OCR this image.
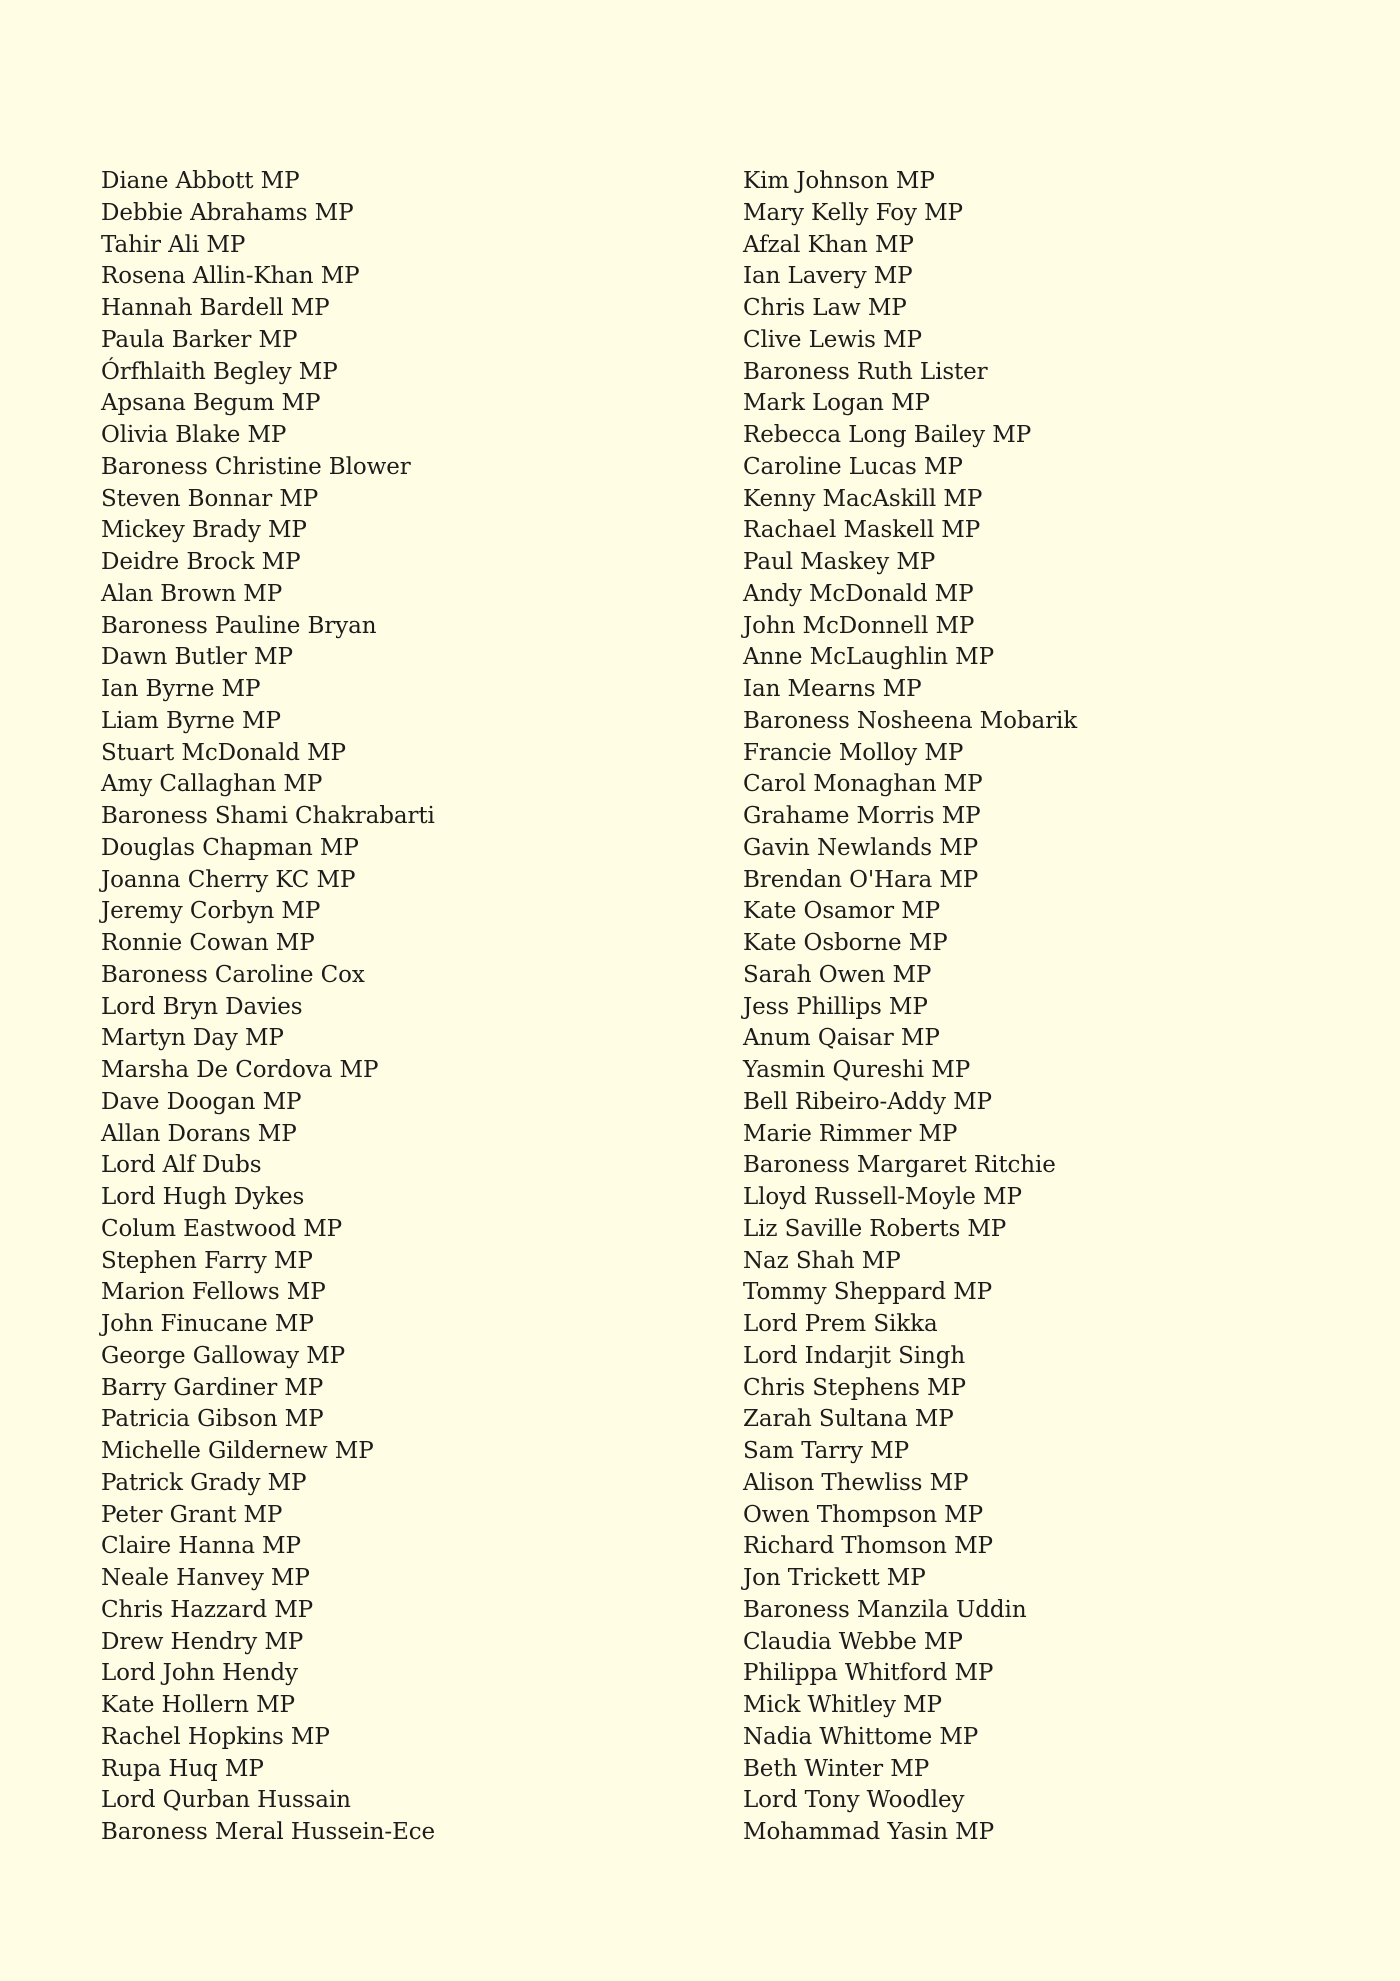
Diane Abbott MP
Debbie Abrahams MP
Tahir Ali MP
Rosena Allin-Khan MP
Hannah Bardell MP
Paula Barker MP
Órfhlaith Begley MP
Apsana Begum MP
Olivia Blake MP
Baroness Christine Blower
Steven Bonnar MP
Mickey Brady MP
Deidre Brock MP
Alan Brown MP
Baroness Pauline Bryan
Dawn Butler MP
Ian Byrne MP
Liam Byrne MP
Stuart McDonald MP
Amy Callaghan MP
Baroness Shami Chakrabarti
Douglas Chapman MP
Joanna Cherry KC MP
Jeremy Corbyn MP
Ronnie Cowan MP
Baroness Caroline Cox
Lord Bryn Davies
Martyn Day MP
Marsha De Cordova MP
Dave Doogan MP
Allan Dorans MP
Lord Alf Dubs
Lord Hugh Dykes
Colum Eastwood MP
Stephen Farry MP
Marion Fellows MP
John Finucane MP
George Galloway MP
Barry Gardiner MP
Patricia Gibson MP
Michelle Gildernew MP
Patrick Grady MP
Peter Grant MP
Claire Hanna MP
Neale Hanvey MP
Chris Hazzard MP
Drew Hendry MP
Lord John Hendy
Kate Hollern MP
Rachel Hopkins MP
Rupa Huq MP
Lord Qurban Hussain
Baroness Meral Hussein-Ece
Kim Johnson MP
Mary Kelly Foy MP
Afzal Khan MP
Ian Lavery MP
Chris Law MP
Clive Lewis MP
Baroness Ruth Lister
Mark Logan MP
Rebecca Long Bailey MP
Caroline Lucas MP
Kenny MacAskill MP
Rachael Maskell MP
Paul Maskey MP
Andy McDonald MP
John McDonnell MP
Anne McLaughlin MP
Ian Mearns MP
Baroness Nosheena Mobarik
Francie Molloy MP
Carol Monaghan MP
Grahame Morris MP
Gavin Newlands MP
Brendan O'Hara MP
Kate Osamor MP
Kate Osborne MP
Sarah Owen MP
Jess Phillips MP
Anum Qaisar MP
Yasmin Qureshi MP
Bell Ribeiro-Addy MP
Marie Rimmer MP
Baroness Margaret Ritchie
Lloyd Russell-Moyle MP
Liz Saville Roberts MP
Naz Shah MP
Tommy Sheppard MP
Lord Prem Sikka
Lord Indarjit Singh
Chris Stephens MP
Zarah Sultana MP
Sam Tarry MP
Alison Thewliss MP
Owen Thompson MP
Richard Thomson MP
Jon Trickett MP
Baroness Manzila Uddin
Claudia Webbe MP
Philippa Whitford MP
Mick Whitley MP
Nadia Whittome MP
Beth Winter MP
Lord Tony Woodley
Mohammad Yasin MP
